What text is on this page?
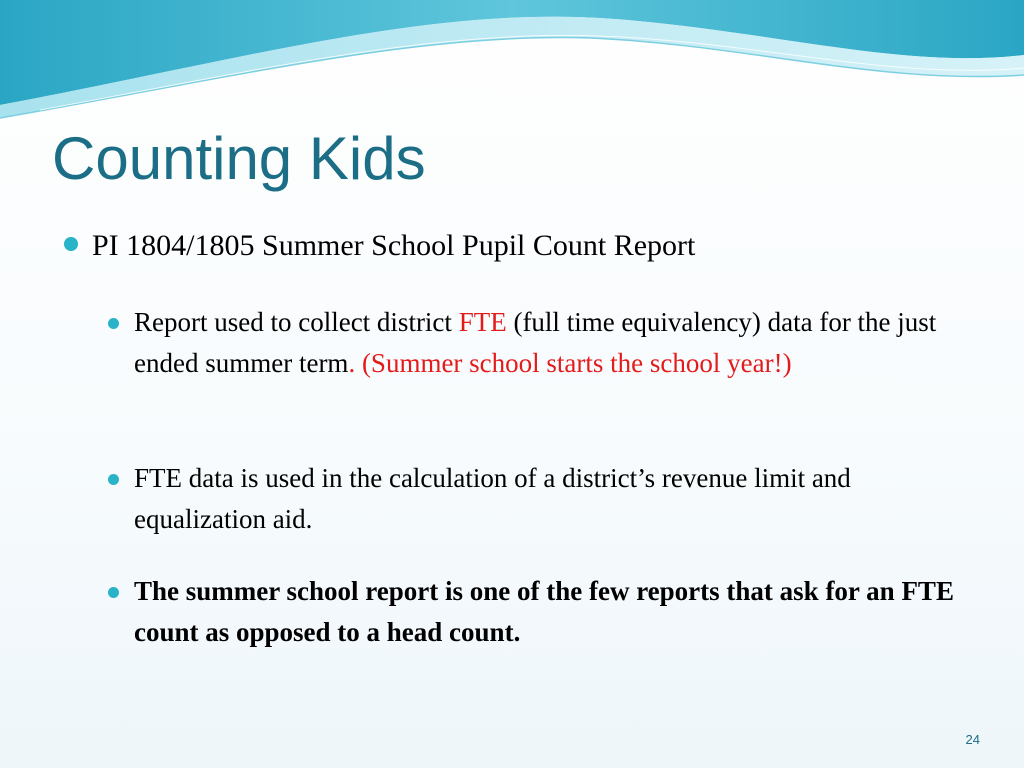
Counting Kids
PI 1804/1805 Summer School Pupil Count Report
Report used to collect district FTE (full time equivalency) data for the just ended summer term. (Summer school starts the school year!)
FTE data is used in the calculation of a district’s revenue limit and equalization aid.
The summer school report is one of the few reports that ask for an FTE count as opposed to a head count.
24
